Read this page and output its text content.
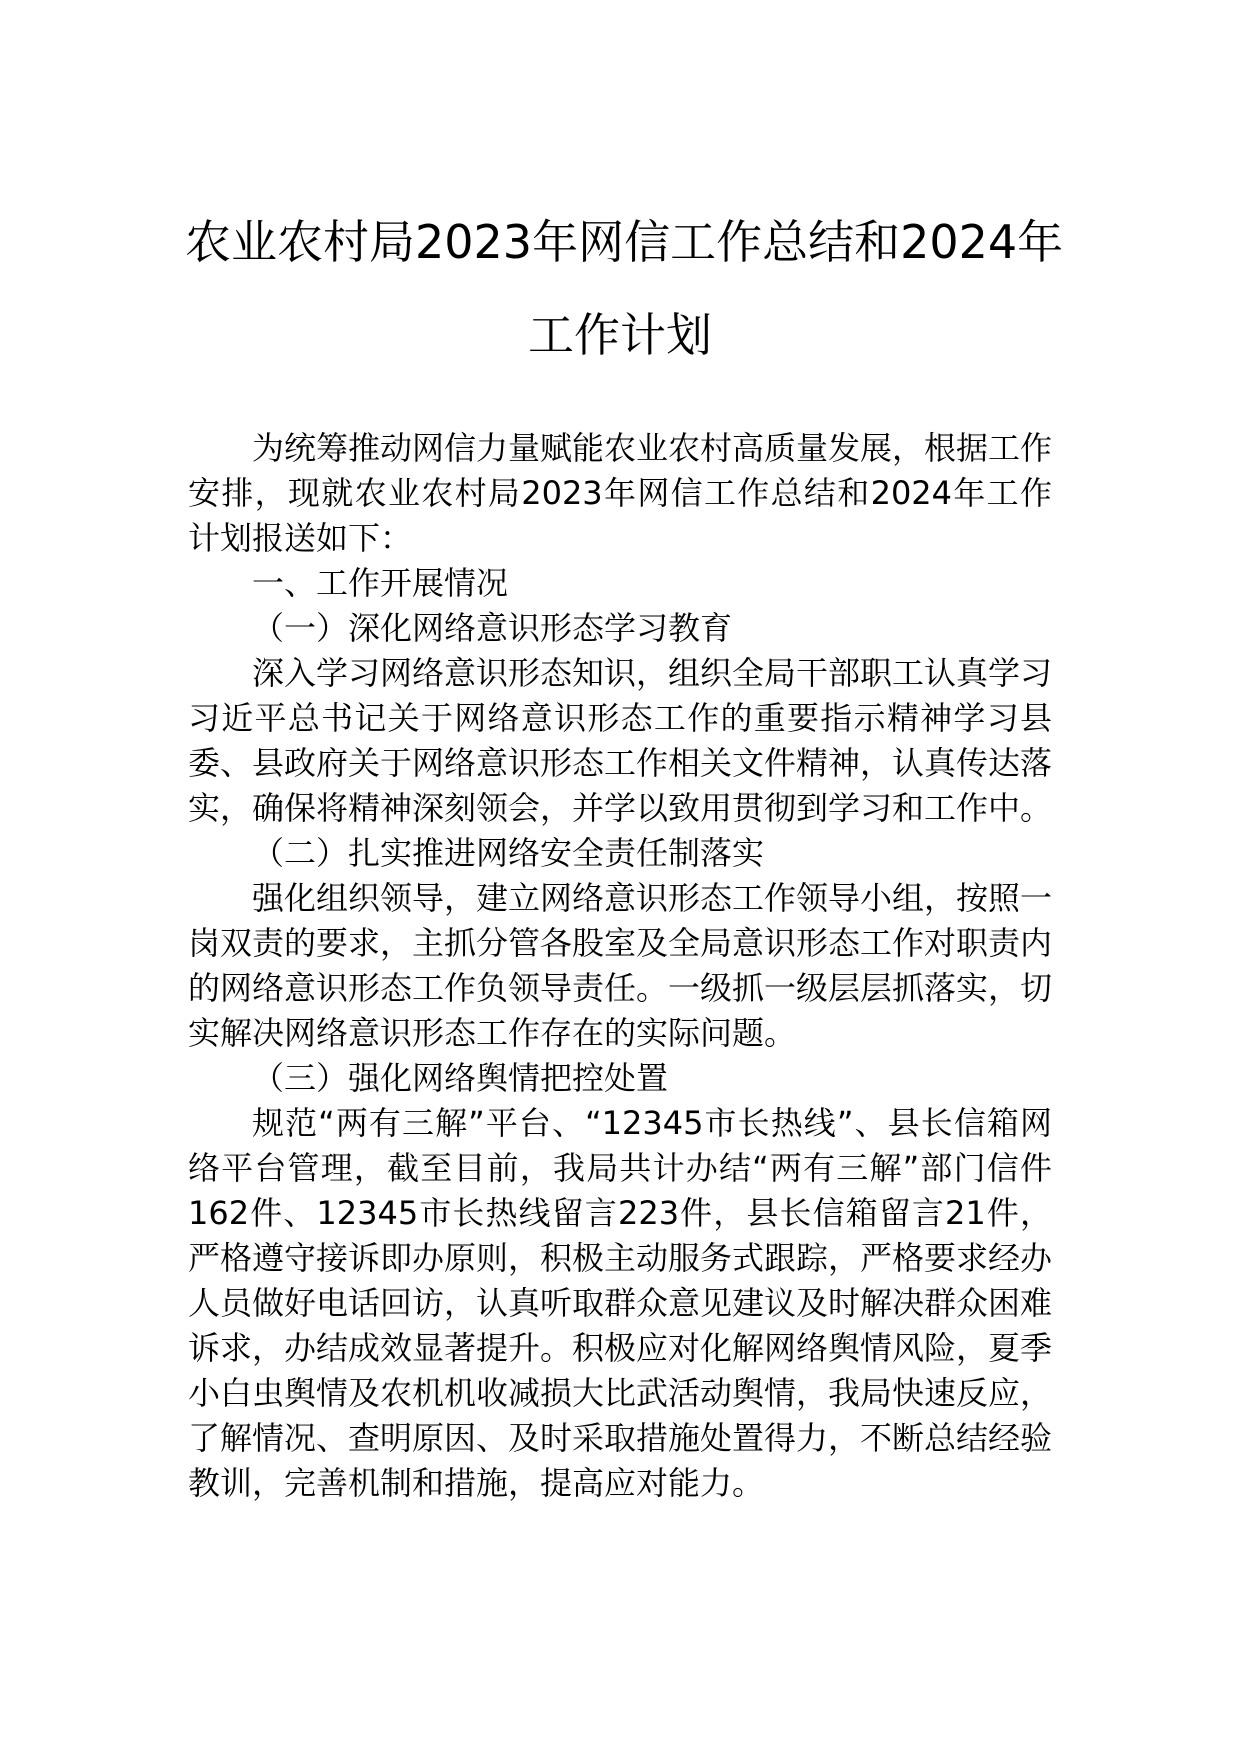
农业农村局2023年网信工作总结和2024年
工作计划

为统筹推动网信力量赋能农业农村高质量发展，根据工作安排，现就农业农村局2023年网信工作总结和2024年工作计划报送如下：

一、工作开展情况

（一）深化网络意识形态学习教育

深入学习网络意识形态知识，组织全局干部职工认真学习习近平总书记关于网络意识形态工作的重要指示精神学习县委、县政府关于网络意识形态工作相关文件精神，认真传达落实，确保将精神深刻领会，并学以致用贯彻到学习和工作中。

（二）扎实推进网络安全责任制落实

强化组织领导，建立网络意识形态工作领导小组，按照一岗双责的要求，主抓分管各股室及全局意识形态工作对职责内的网络意识形态工作负领导责任。一级抓一级层层抓落实，切实解决网络意识形态工作存在的实际问题。

（三）强化网络舆情把控处置

规范“两有三解”平台、“12345市长热线”、县长信箱网络平台管理，截至目前，我局共计办结“两有三解”部门信件162件、12345市长热线留言223件，县长信箱留言21件，严格遵守接诉即办原则，积极主动服务式跟踪，严格要求经办人员做好电话回访，认真听取群众意见建议及时解决群众困难诉求，办结成效显著提升。积极应对化解网络舆情风险，夏季小白虫舆情及农机机收减损大比武活动舆情，我局快速反应，了解情况、查明原因、及时采取措施处置得力，不断总结经验教训，完善机制和措施，提高应对能力。
